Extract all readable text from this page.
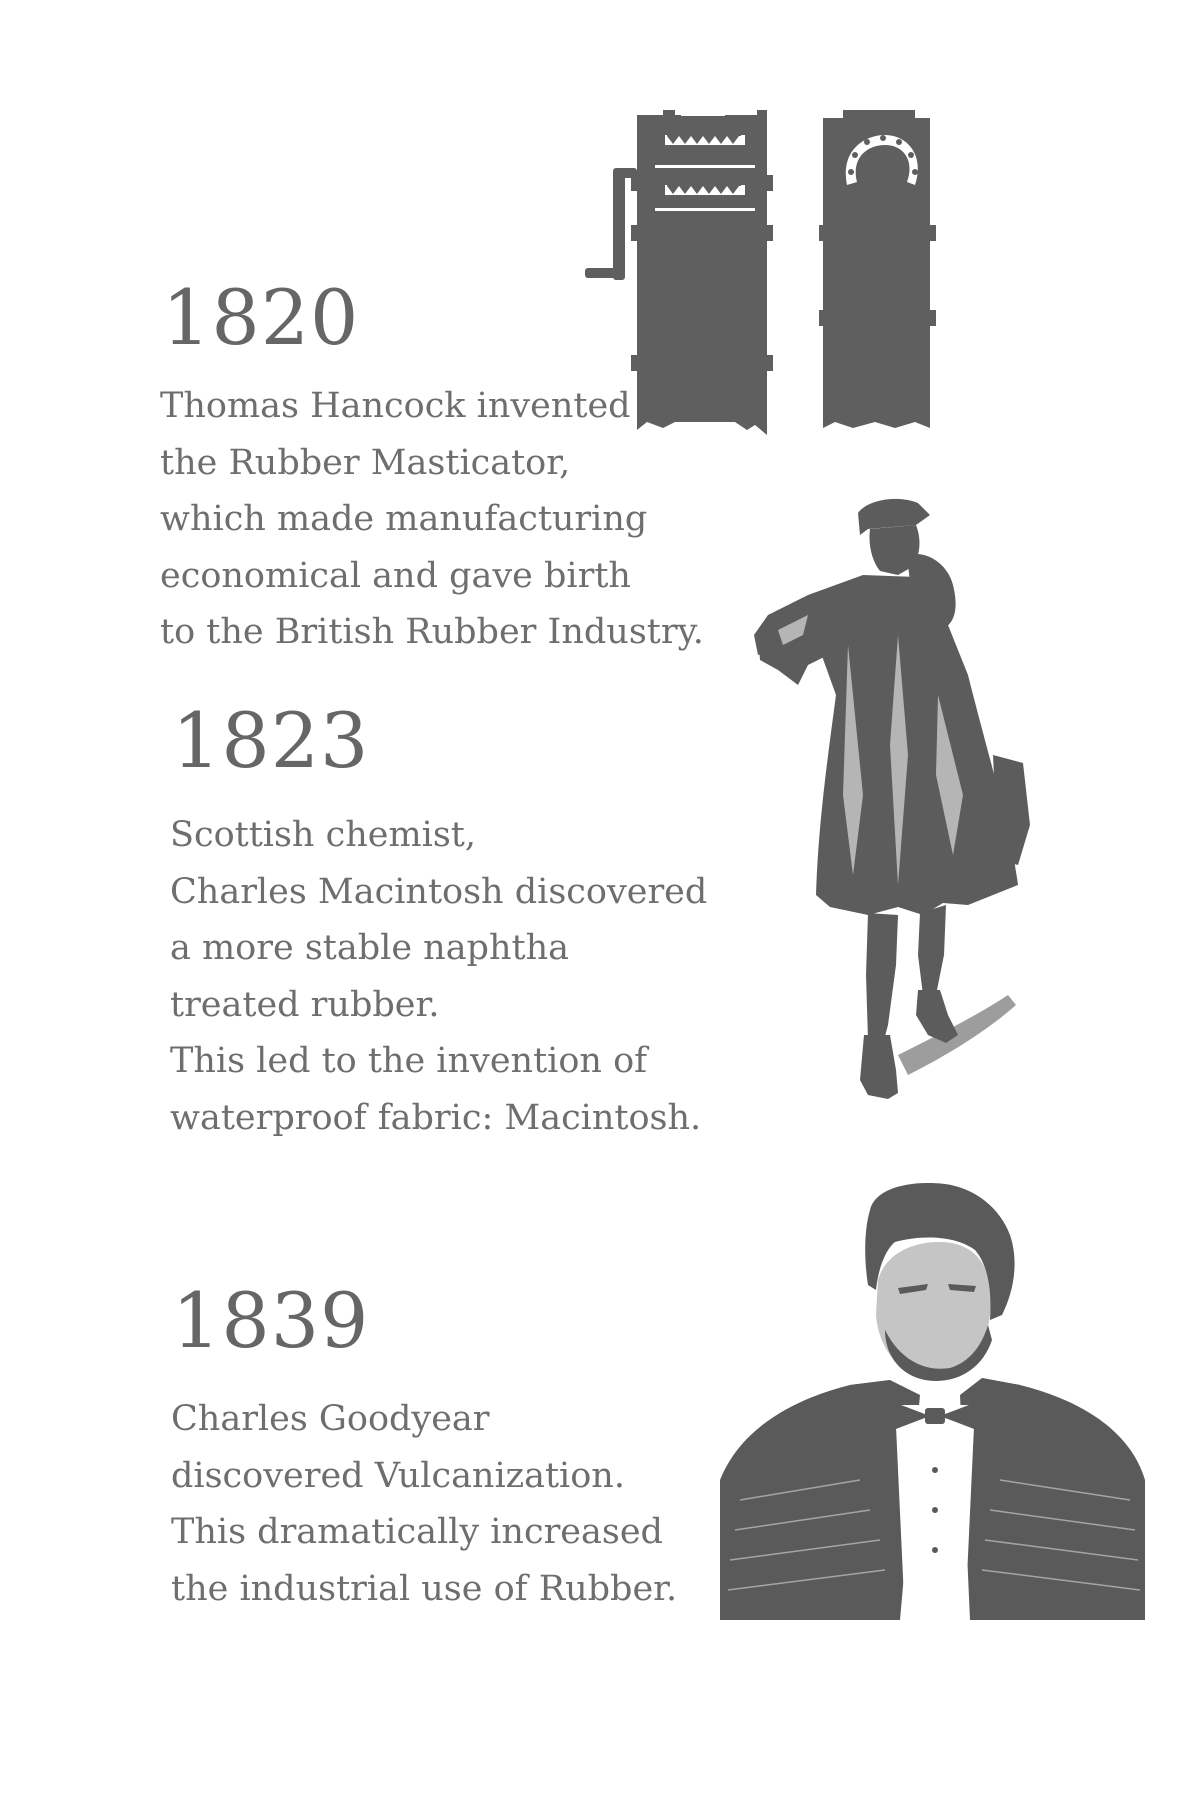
1820
Thomas Hancock invented
the Rubber Masticator,
which made manufacturing
economical and gave birth
to the British Rubber Industry.
1823
Scottish chemist,
Charles Macintosh discovered
a more stable naphtha
treated rubber.
This led to the invention of
waterproof fabric: Macintosh.
1839
Charles Goodyear
discovered Vulcanization.
This dramatically increased
the industrial use of Rubber.
